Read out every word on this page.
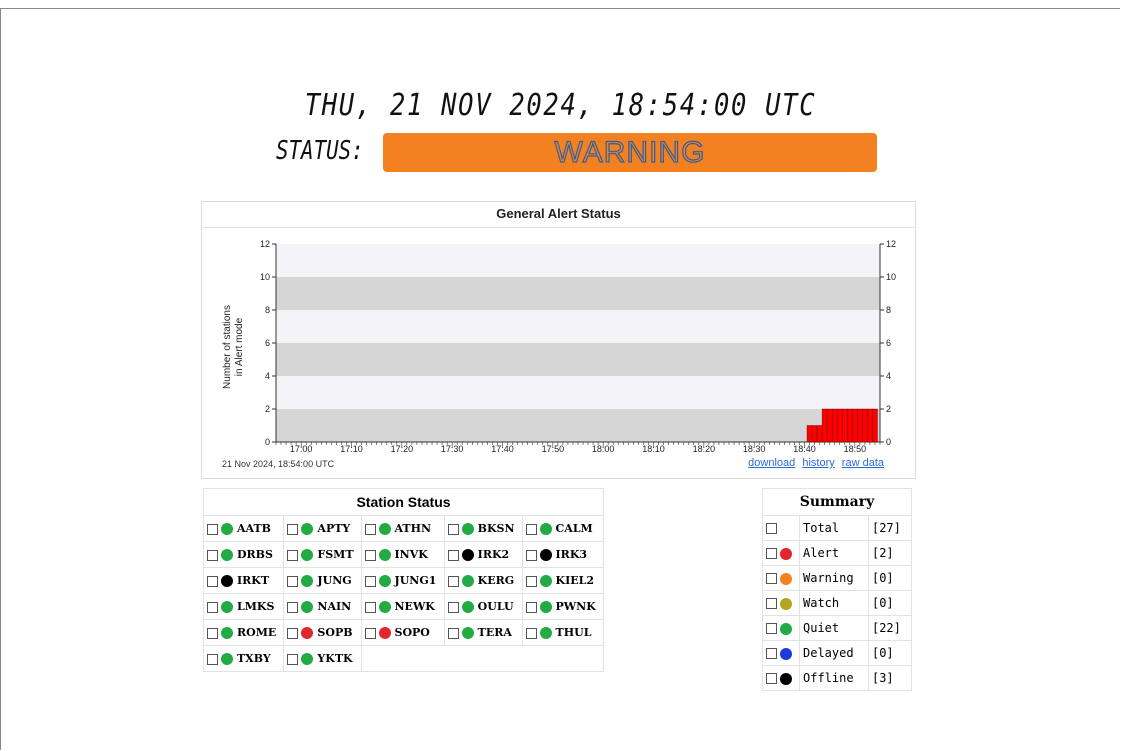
THU, 21 NOV 2024, 18:54:00 UTC
STATUS:	WARNING
General Alert Status
0	0
2	2
4	4
6	6
8	8
10	10
12	12
17:00	17:10	17:20	17:30	17:40	17:50	18:00	18:10	18:20	18:30	18:40	18:50
Number of stations in Alert mode
21 Nov 2024, 18:54:00 UTC	download history raw data
Station Status				
AATB	APTY	ATHN	BKSN	CALM
DRBS	FSMT	INVK	IRK2	IRK3
IRKT	JUNG	JUNG1	KERG	KIEL2
LMKS	NAIN	NEWK	OULU	PWNK
ROME	SOPB	SOPO	TERA	THUL
TXBY	YKTK			
Summary		
	Total	[27]
	Alert	[2]
	Warning	[0]
	Watch	[0]
	Quiet	[22]
	Delayed	[0]
	Offline	[3]
